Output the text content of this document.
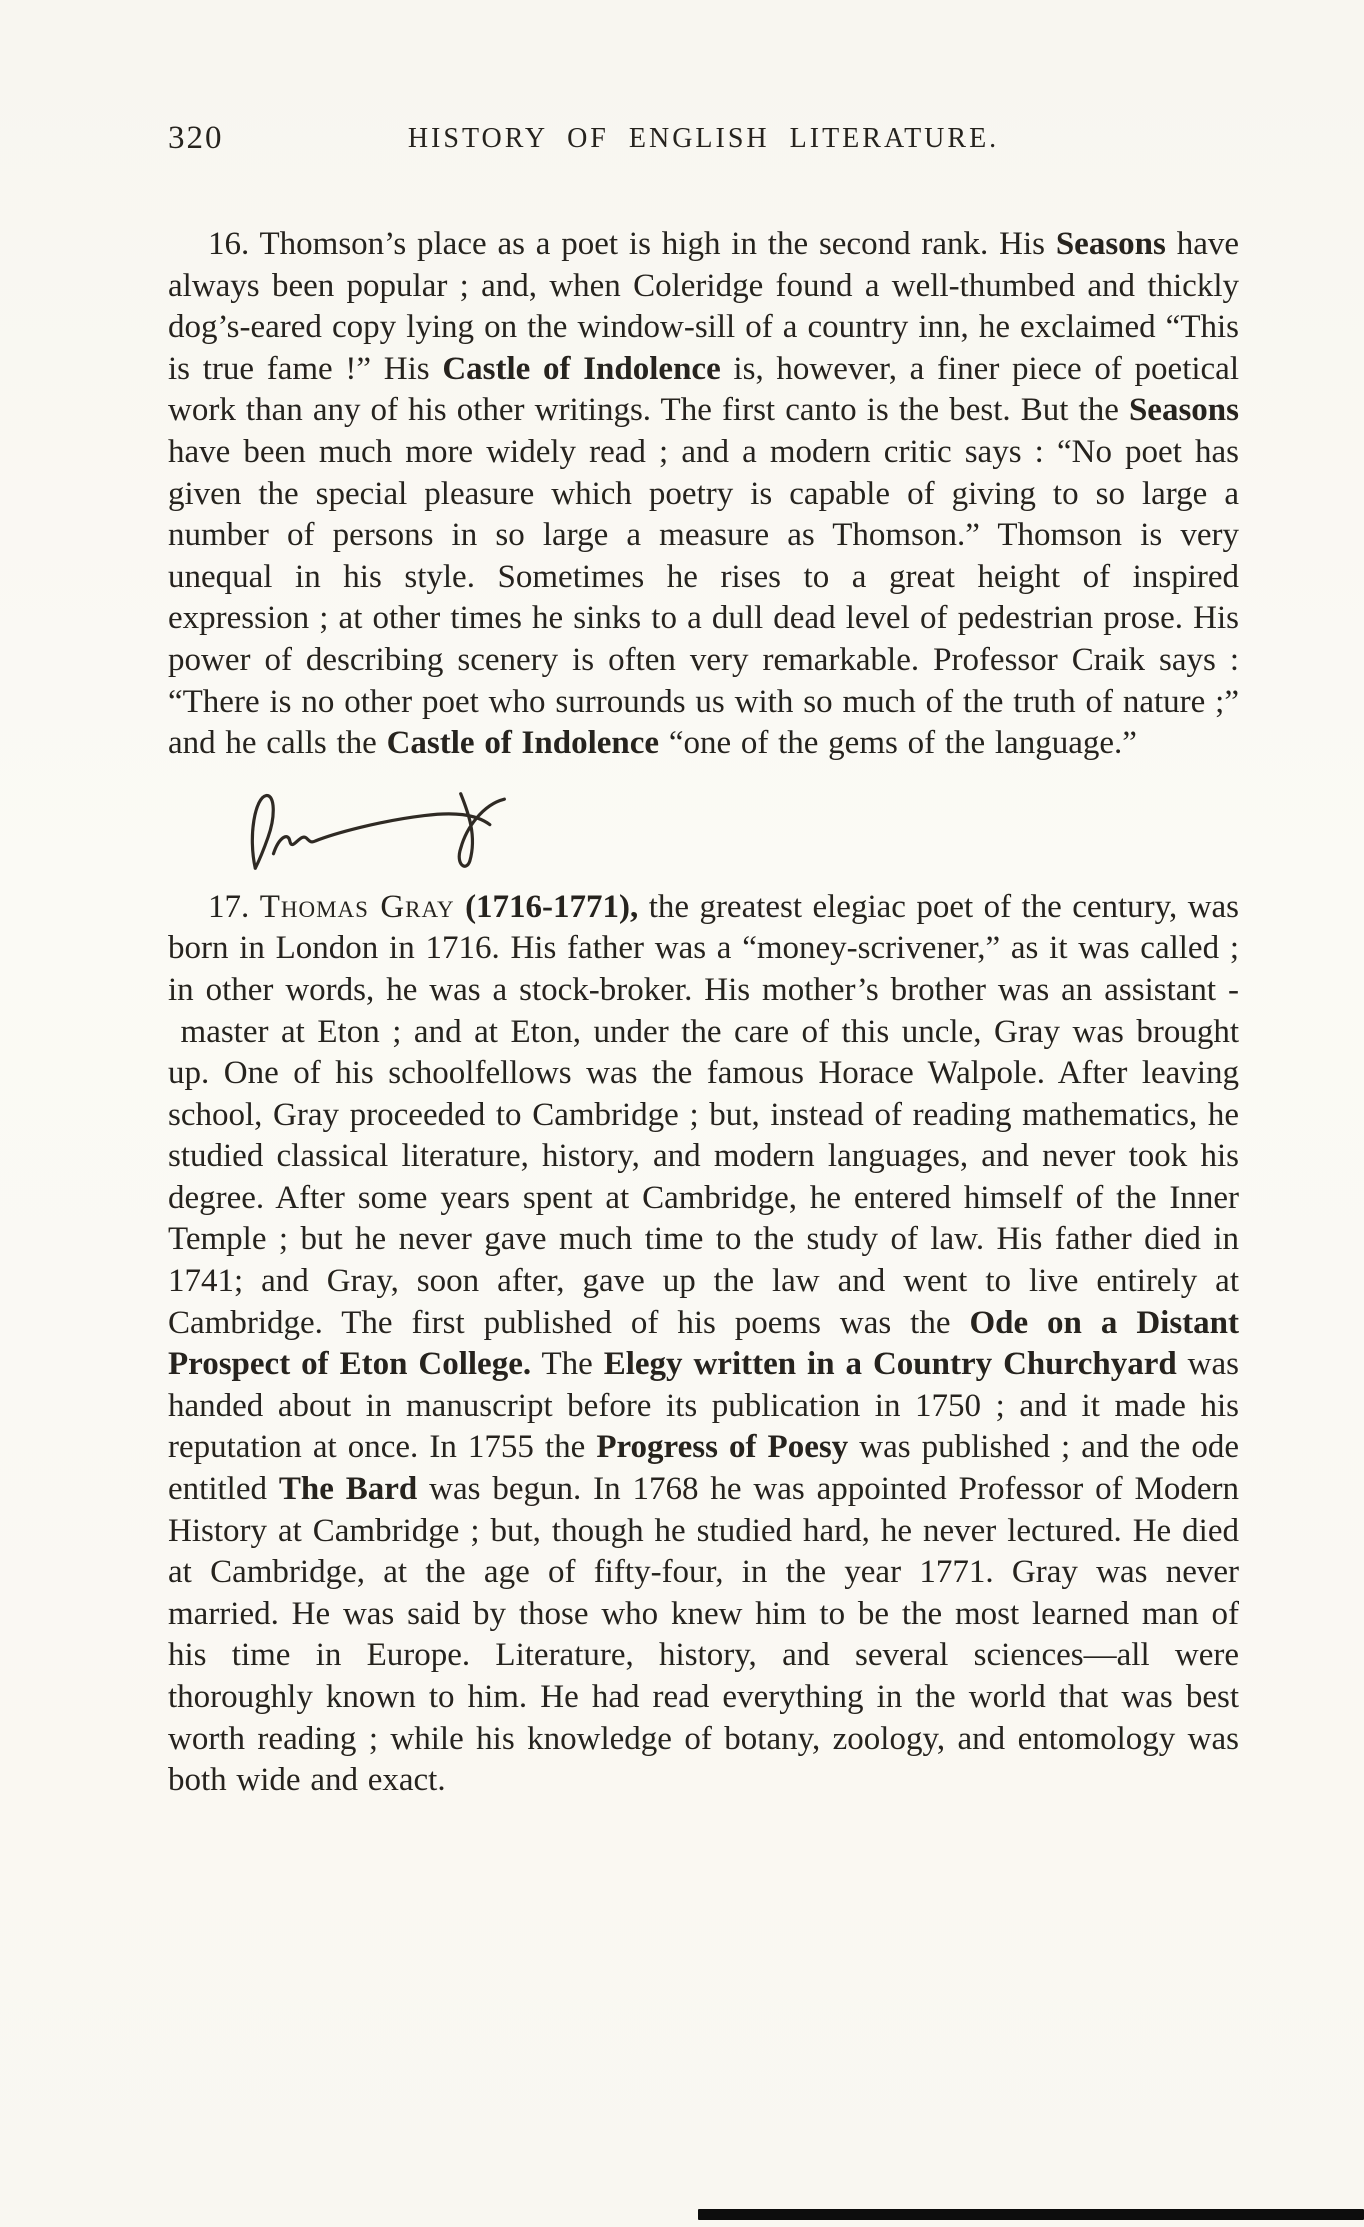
320	HISTORY OF ENGLISH LITERATURE.

16. Thomson’s place as a poet is high in the second rank. His Seasons have always been popular ; and, when Coleridge found a well-thumbed and thickly dog’s-eared copy lying on the window-sill of a country inn, he exclaimed “This is true fame !” His Castle of Indolence is, however, a finer piece of poetical work than any of his other writings. The first canto is the best. But the Seasons have been much more widely read ; and a modern critic says : “No poet has given the special pleasure which poetry is capable of giving to so large a number of persons in so large a measure as Thomson.” Thomson is very unequal in his style. Sometimes he rises to a great height of inspired expression ; at other times he sinks to a dull dead level of pedestrian prose. His power of describing scenery is often very remarkable. Professor Craik says : “There is no other poet who surrounds us with so much of the truth of nature ;” and he calls the Castle of Indolence “one of the gems of the language.”

17. Thomas Gray (1716-1771), the greatest elegiac poet of the century, was born in London in 1716. His father was a “money-scrivener,” as it was called ; in other words, he was a stock-broker. His mother’s brother was an assistant - master at Eton ; and at Eton, under the care of this uncle, Gray was brought up. One of his schoolfellows was the famous Horace Walpole. After leaving school, Gray proceeded to Cambridge ; but, instead of reading mathematics, he studied classical literature, history, and modern languages, and never took his degree. After some years spent at Cambridge, he entered himself of the Inner Temple ; but he never gave much time to the study of law. His father died in 1741; and Gray, soon after, gave up the law and went to live entirely at Cambridge. The first published of his poems was the Ode on a Distant Prospect of Eton College. The Elegy written in a Country Churchyard was handed about in manuscript before its publication in 1750 ; and it made his reputation at once. In 1755 the Progress of Poesy was published ; and the ode entitled The Bard was begun. In 1768 he was appointed Professor of Modern History at Cambridge ; but, though he studied hard, he never lectured. He died at Cambridge, at the age of fifty-four, in the year 1771. Gray was never married. He was said by those who knew him to be the most learned man of his time in Europe. Literature, history, and several sciences—all were thoroughly known to him. He had read everything in the world that was best worth reading ; while his knowledge of botany, zoology, and entomology was both wide and exact.
